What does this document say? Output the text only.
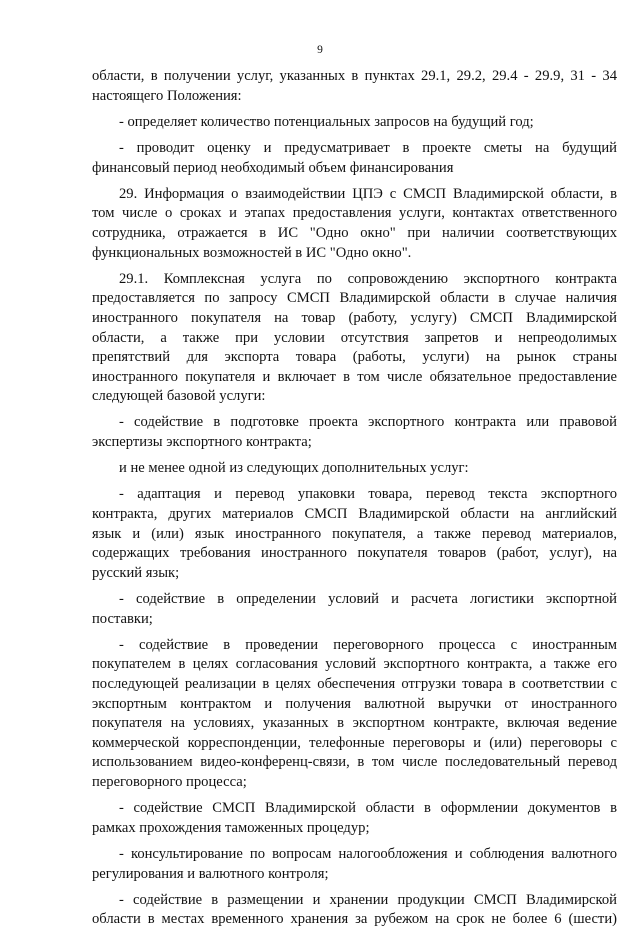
9
области, в получении услуг, указанных в пунктах 29.1, 29.2, 29.4 - 29.9, 31 - 34
настоящего Положения:
- определяет количество потенциальных запросов на будущий год;
- проводит оценку и предусматривает в проекте сметы на будущий
финансовый период необходимый объем финансирования
29. Информация о взаимодействии ЦПЭ с СМСП Владимирской области, в
том числе о сроках и этапах предоставления услуги, контактах ответственного
сотрудника, отражается в ИС "Одно окно" при наличии соответствующих
функциональных возможностей в ИС "Одно окно".
29.1. Комплексная услуга по сопровождению экспортного контракта
предоставляется по запросу СМСП Владимирской области в случае наличия
иностранного покупателя на товар (работу, услугу) СМСП Владимирской
области, а также при условии отсутствия запретов и непреодолимых
препятствий для экспорта товара (работы, услуги) на рынок страны
иностранного покупателя и включает в том числе обязательное предоставление
следующей базовой услуги:
- содействие в подготовке проекта экспортного контракта или правовой
экспертизы экспортного контракта;
и не менее одной из следующих дополнительных услуг:
- адаптация и перевод упаковки товара, перевод текста экспортного
контракта, других материалов СМСП Владимирской области на английский
язык и (или) язык иностранного покупателя, а также перевод материалов,
содержащих требования иностранного покупателя товаров (работ, услуг), на
русский язык;
- содействие в определении условий и расчета логистики экспортной
поставки;
- содействие в проведении переговорного процесса с иностранным
покупателем в целях согласования условий экспортного контракта, а также его
последующей реализации в целях обеспечения отгрузки товара в соответствии с
экспортным контрактом и получения валютной выручки от иностранного
покупателя на условиях, указанных в экспортном контракте, включая ведение
коммерческой корреспонденции, телефонные переговоры и (или) переговоры с
использованием видео-конференц-связи, в том числе последовательный перевод
переговорного процесса;
- содействие СМСП Владимирской области в оформлении документов в
рамках прохождения таможенных процедур;
- консультирование по вопросам налогообложения и соблюдения валютного
регулирования и валютного контроля;
- содействие в размещении и хранении продукции СМСП Владимирской
области в местах временного хранения за рубежом на срок не более 6 (шести)
